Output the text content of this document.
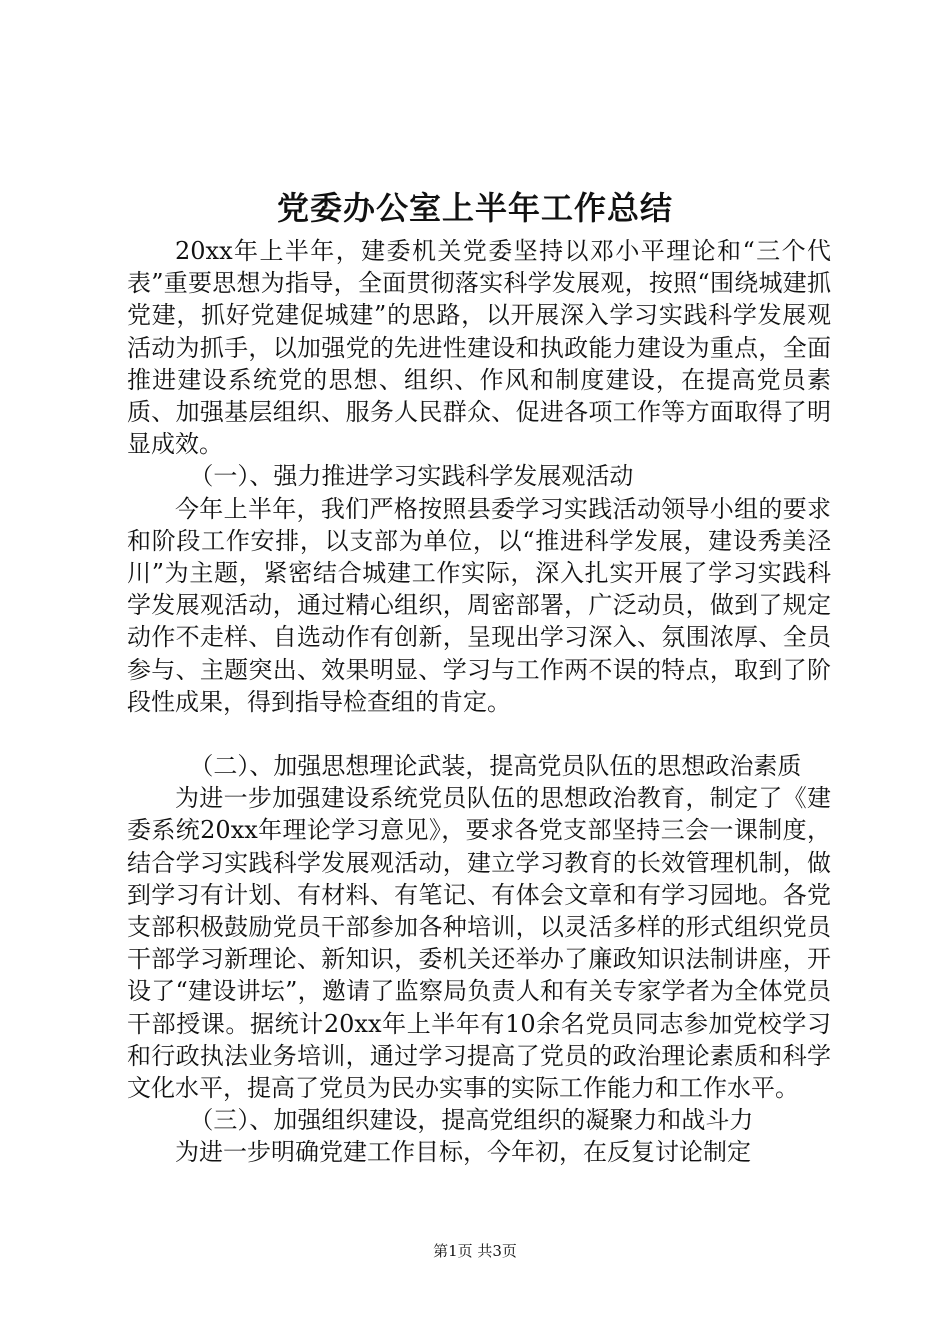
党委办公室上半年工作总结

20xx年上半年，建委机关党委坚持以邓小平理论和“三个代表”重要思想为指导，全面贯彻落实科学发展观，按照“围绕城建抓党建，抓好党建促城建”的思路，以开展深入学习实践科学发展观活动为抓手，以加强党的先进性建设和执政能力建设为重点，全面推进建设系统党的思想、组织、作风和制度建设，在提高党员素质、加强基层组织、服务人民群众、促进各项工作等方面取得了明显成效。

（一）、强力推进学习实践科学发展观活动

今年上半年，我们严格按照县委学习实践活动领导小组的要求和阶段工作安排，以支部为单位，以“推进科学发展，建设秀美泾川”为主题，紧密结合城建工作实际，深入扎实开展了学习实践科学发展观活动，通过精心组织，周密部署，广泛动员，做到了规定动作不走样、自选动作有创新，呈现出学习深入、氛围浓厚、全员参与、主题突出、效果明显、学习与工作两不误的特点，取到了阶段性成果，得到指导检查组的肯定。

（二）、加强思想理论武装，提高党员队伍的思想政治素质

为进一步加强建设系统党员队伍的思想政治教育，制定了《建委系统20xx年理论学习意见》，要求各党支部坚持三会一课制度，结合学习实践科学发展观活动，建立学习教育的长效管理机制，做到学习有计划、有材料、有笔记、有体会文章和有学习园地。各党支部积极鼓励党员干部参加各种培训，以灵活多样的形式组织党员干部学习新理论、新知识，委机关还举办了廉政知识法制讲座，开设了“建设讲坛”，邀请了监察局负责人和有关专家学者为全体党员干部授课。据统计20xx年上半年有10余名党员同志参加党校学习和行政执法业务培训，通过学习提高了党员的政治理论素质和科学文化水平，提高了党员为民办实事的实际工作能力和工作水平。

（三）、加强组织建设，提高党组织的凝聚力和战斗力

为进一步明确党建工作目标，今年初，在反复讨论制定

第1页 共3页
